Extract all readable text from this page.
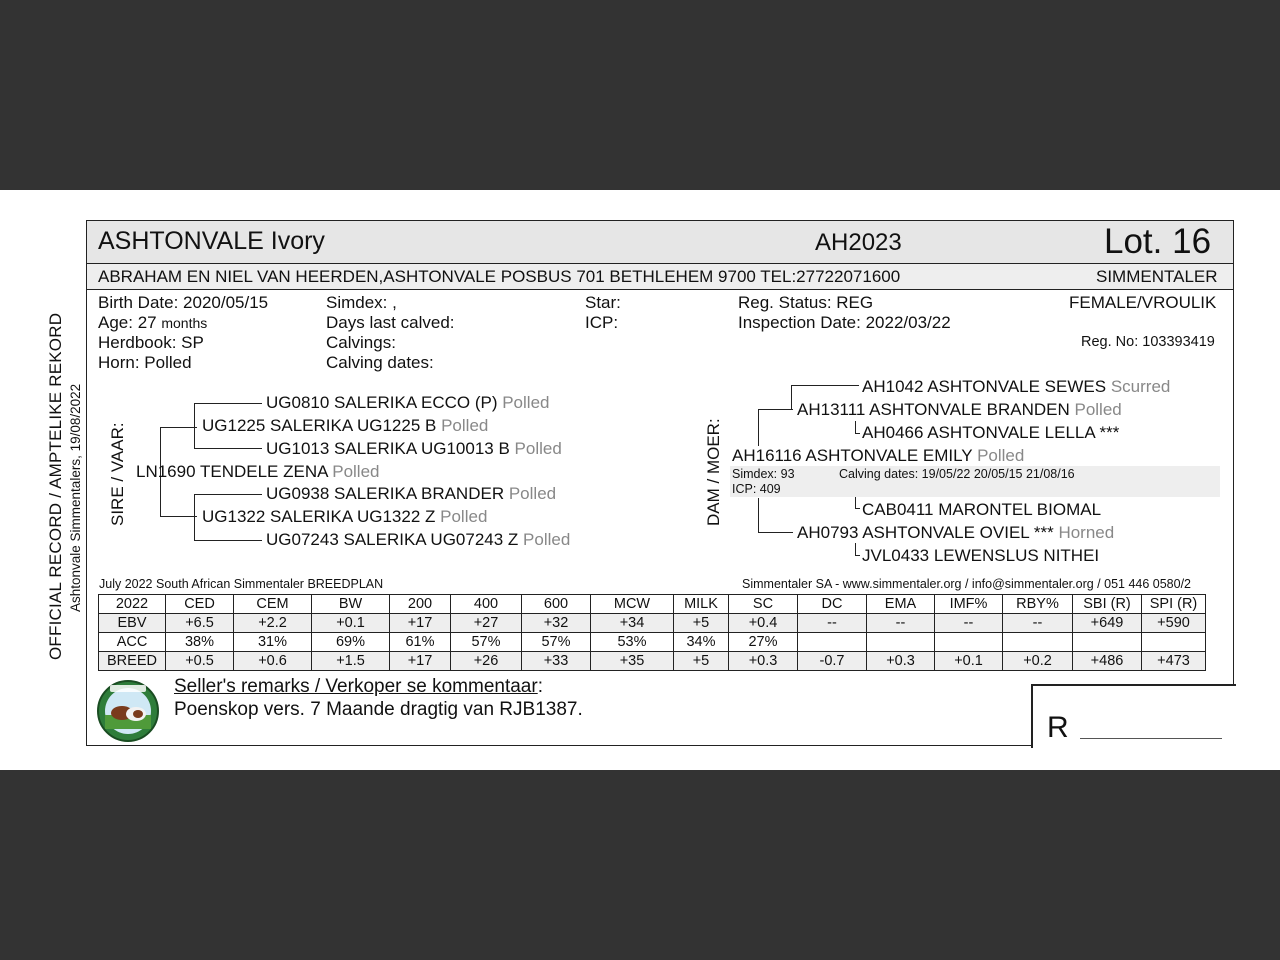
OFFICIAL RECORD / AMPTELIKE REKORD Ashtonvale Simmentalers, 19/08/2022
ASHTONVALE Ivory	AH2023	Lot. 16
ABRAHAM EN NIEL VAN HEERDEN,ASHTONVALE POSBUS 701 BETHLEHEM 9700 TEL:27722071600	SIMMENTALER
Birth Date: 2020/05/15
Age: 27 months
Herdbook: SP
Horn: Polled
Simdex: ,
Days last calved:
Calvings:
Calving dates:
Star:
ICP:
Reg. Status: REG
Inspection Date: 2022/03/22
FEMALE/VROULIK
Reg. No: 103393419
SIRE / VAAR:
UG0810 SALERIKA ECCO (P) Polled
UG1225 SALERIKA UG1225 B Polled
UG1013 SALERIKA UG10013 B Polled
LN1690 TENDELE ZENA Polled
UG0938 SALERIKA BRANDER Polled
UG1322 SALERIKA UG1322 Z Polled
UG07243 SALERIKA UG07243 Z Polled
DAM / MOER:
AH1042 ASHTONVALE SEWES Scurred
AH13111 ASHTONVALE BRANDEN Polled
AH0466 ASHTONVALE LELLA ***
AH16116 ASHTONVALE EMILY Polled
Simdex: 93	Calving dates: 19/05/22 20/05/15 21/08/16
ICP: 409
CAB0411 MARONTEL BIOMAL
AH0793 ASHTONVALE OVIEL *** Horned
JVL0433 LEWENSLUS NITHEI
July 2022 South African Simmentaler BREEDPLAN	Simmentaler SA - www.simmentaler.org / info@simmentaler.org / 051 446 0580/2
2022	CED	CEM	BW	200	400	600	MCW	MILK	SC	DC	EMA	IMF%	RBY%	SBI (R)	SPI (R)
EBV	+6.5	+2.2	+0.1	+17	+27	+32	+34	+5	+0.4	--	--	--	--	+649	+590
ACC	38%	31%	69%	61%	57%	57%	53%	34%	27%						
BREED	+0.5	+0.6	+1.5	+17	+26	+33	+35	+5	+0.3	-0.7	+0.3	+0.1	+0.2	+486	+473
Seller's remarks / Verkoper se kommentaar:
Poenskop vers. 7 Maande dragtig van RJB1387.
R
